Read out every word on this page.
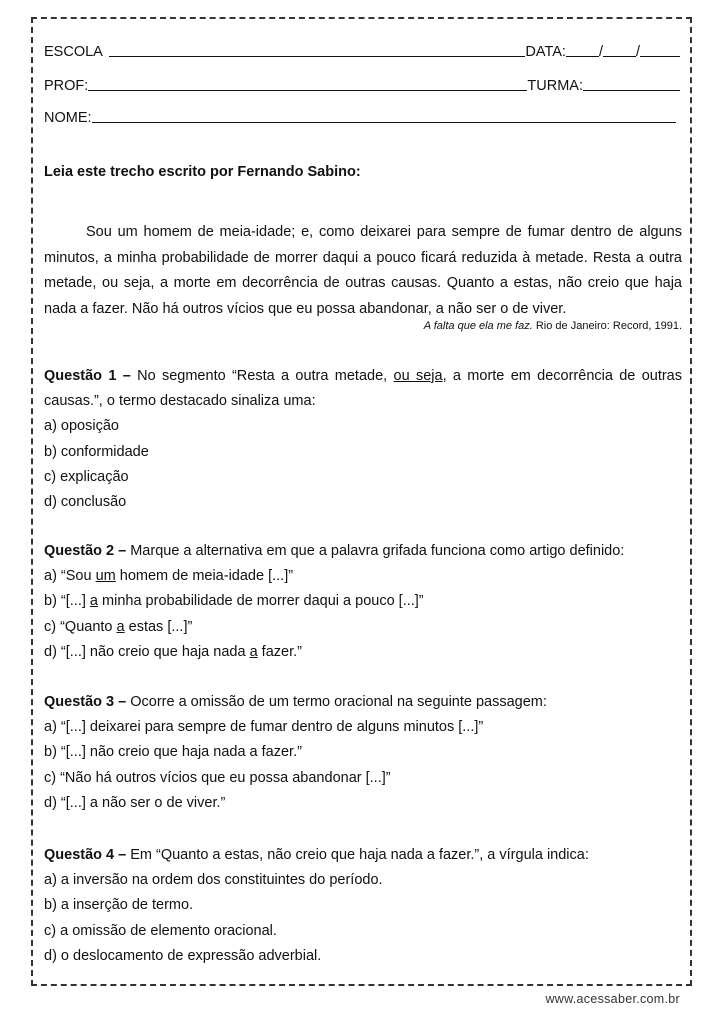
ESCOLA	DATA: / /
PROF:	TURMA:
NOME:

Leia este trecho escrito por Fernando Sabino:

Sou um homem de meia-idade; e, como deixarei para sempre de fumar dentro de alguns minutos, a minha probabilidade de morrer daqui a pouco ficará reduzida à metade. Resta a outra metade, ou seja, a morte em decorrência de outras causas. Quanto a estas, não creio que haja nada a fazer. Não há outros vícios que eu possa abandonar, a não ser o de viver.

A falta que ela me faz. Rio de Janeiro: Record, 1991.

Questão 1 – No segmento “Resta a outra metade, ou seja, a morte em decorrência de outras causas.”, o termo destacado sinaliza uma:

a) oposição

b) conformidade

c) explicação

d) conclusão

Questão 2 – Marque a alternativa em que a palavra grifada funciona como artigo definido:

a) “Sou um homem de meia-idade [...]”

b) “[...] a minha probabilidade de morrer daqui a pouco [...]”

c) “Quanto a estas [...]”

d) “[...] não creio que haja nada a fazer.”

Questão 3 – Ocorre a omissão de um termo oracional na seguinte passagem:

a) “[...] deixarei para sempre de fumar dentro de alguns minutos [...]”

b) “[...] não creio que haja nada a fazer.”

c) “Não há outros vícios que eu possa abandonar [...]”

d) “[...] a não ser o de viver.”

Questão 4 – Em “Quanto a estas, não creio que haja nada a fazer.”, a vírgula indica:

a) a inversão na ordem dos constituintes do período.

b) a inserção de termo.

c) a omissão de elemento oracional.

d) o deslocamento de expressão adverbial.

www.acessaber.com.br
